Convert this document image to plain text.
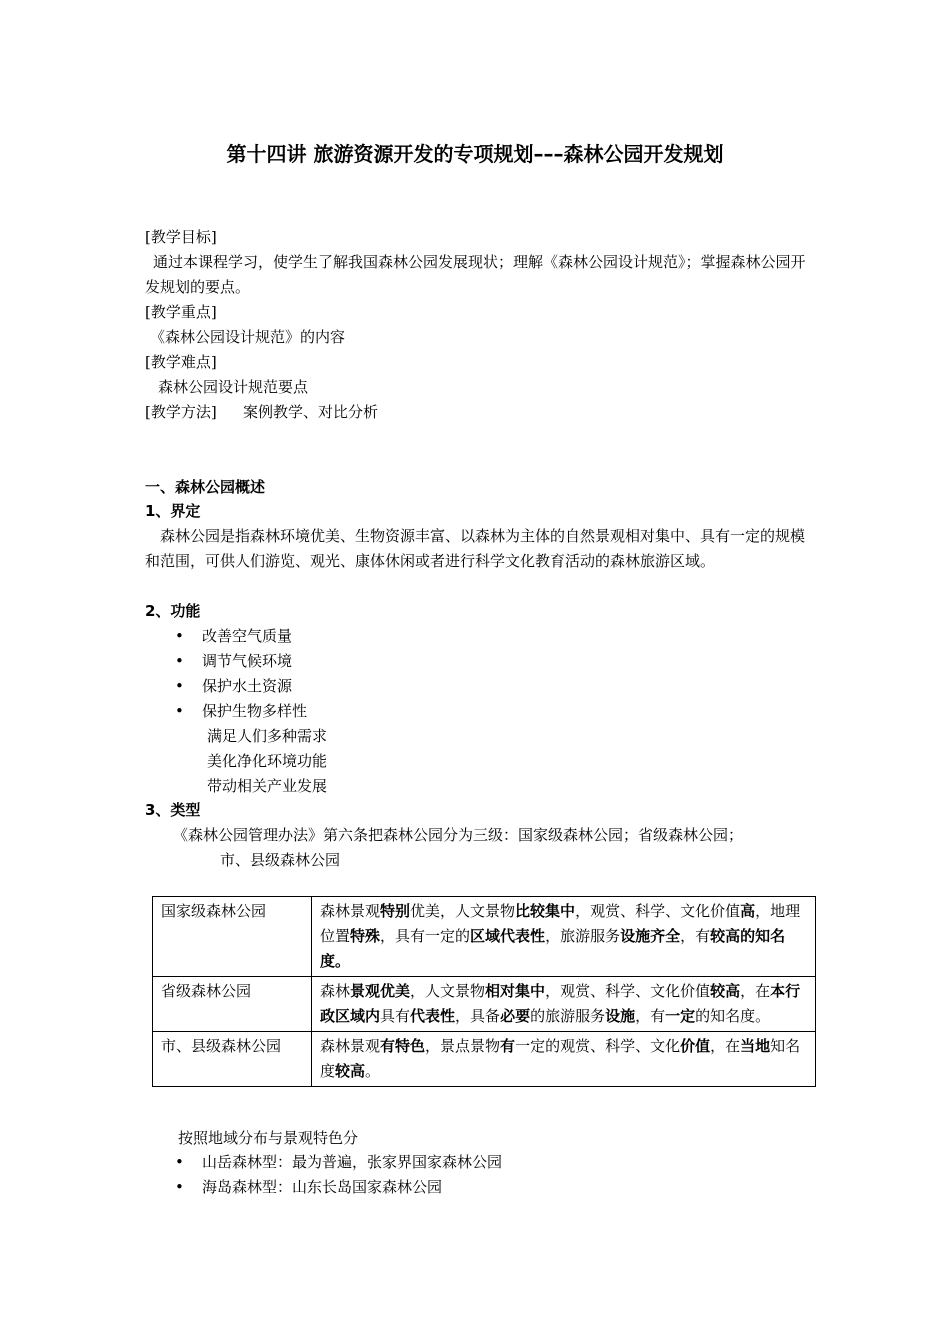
第十四讲 旅游资源开发的专项规划–––森林公园开发规划
[教学目标]
通过本课程学习，使学生了解我国森林公园发展现状；理解《森林公园设计规范》；掌握森林公园开发规划的要点。
[教学重点]
《森林公园设计规范》的内容
[教学难点]
森林公园设计规范要点
[教学方法] 案例教学、对比分析
一、森林公园概述
1、界定
森林公园是指森林环境优美、生物资源丰富、以森林为主体的自然景观相对集中、具有一定的规模和范围，可供人们游览、观光、康体休闲或者进行科学文化教育活动的森林旅游区域。
2、功能
• 改善空气质量
• 调节气候环境
• 保护水土资源
• 保护生物多样性
满足人们多种需求
美化净化环境功能
带动相关产业发展
3、类型
《森林公园管理办法》第六条把森林公园分为三级：国家级森林公园；省级森林公园；
市、县级森林公园
国家级森林公园	森林景观特别优美，人文景物比较集中，观赏、科学、文化价值高，地理位置特殊，具有一定的区域代表性，旅游服务设施齐全，有较高的知名度。
省级森林公园	森林景观优美，人文景物相对集中，观赏、科学、文化价值较高，在本行政区域内具有代表性，具备必要的旅游服务设施，有一定的知名度。
市、县级森林公园	森林景观有特色，景点景物有一定的观赏、科学、文化价值，在当地知名度较高。
按照地域分布与景观特色分
• 山岳森林型：最为普遍，张家界国家森林公园
• 海岛森林型：山东长岛国家森林公园
